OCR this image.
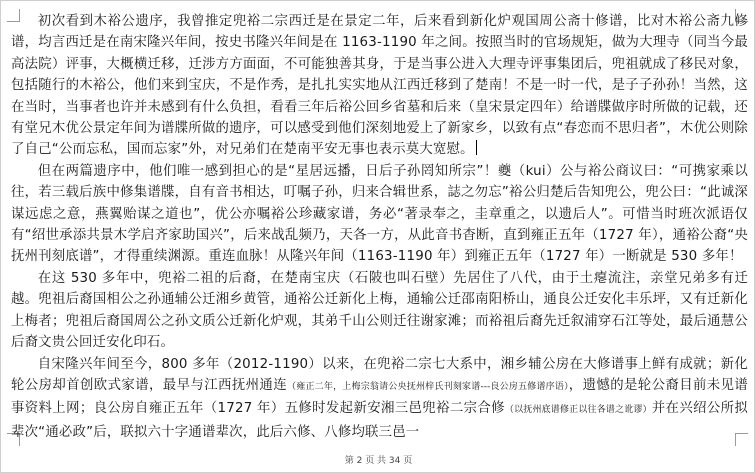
初次看到木裕公遗序，我曾推定兜裕二宗西迁是在景定二年，后来看到新化炉观国周公斋十修谱，比对木裕公斋九修谱，均言西迁是在南宋隆兴年间，按史书隆兴年间是在 1163-1190 年之间。按照当时的官场规矩，做为大理寺（同当今最高法院）评事，大概横迁移，迁涉方方面面，不可能独善其身，于是当事公进入大理寺评事集团后，兜祖就成了移民对象，包括随行的木裕公，他们来到宝庆，不是作秀，是扎扎实实地从江西迁移到了楚南！不是一时一代，是子子孙孙！当然，这在当时，当事者也许并未感到有什么负担，看看三年后裕公回乡省墓和后来（皇宋景定四年）给谱牒做序时所做的记载，还有堂兄木优公景定年间为谱牒所做的遗序，可以感受到他们深刻地爱上了新家乡，以致有点“春恋而不思归者”，木优公则除了自己“公而忘私，国而忘家”外，对兄弟们在楚南平安无事也表示莫大宽慰。

但在两篇遗序中，他们唯一感到担心的是“星居远播，日后子孙罔知所宗”！夔（kui）公与裕公商议曰：“可携家乘以往，若三载后族中修集谱牒，自有音书相达，叮嘱子孙，归来合辑世系，誌之勿忘”裕公归楚后告知兜公，兜公曰：“此诚深谋远虑之意，燕翼贻谋之道也”，优公亦嘱裕公珍藏家谱，务必“著录奉之，圭章重之，以遗后人”。可惜当时班次派语仅有“绍世承添共景木学启齐家助国兴”，后来战乱频乃，天各一方，从此音书杳断，直到雍正五年（1727 年），通裕公裔“央抚州刊刻底谱”，才得重续渊源。重连血脉！从隆兴年间（1163-1190 年）到雍正五年（1727 年）一断就是 530 多年！

在这 530 多年中，兜裕二祖的后裔，在楚南宝庆（石陂也叫石壁）先居住了八代，由于土瘪流注，亲堂兄弟多有迁越。兜祖后裔国相公之孙通辅公迁湘乡黄管，通裕公迁新化上梅，通输公迁邵南阳桥山，通良公迁安化丰乐坪，又有迁新化上梅者；兜祖后裔国周公之孙文质公迁新化炉观，其弟千山公则迁往谢家滩；而裕祖后裔先迁叙浦穿石江等处，最后通慧公后裔文贵公回迁安化印石。

自宋隆兴年间至今，800 多年（2012-1190）以来，在兜裕二宗七大系中，湘乡辅公房在大修谱事上鲜有成就；新化轮公房却首创欧式家谱，最早与江西抚州通连（雍正二年，上梅宗翁请公央抚州梓氏刊刻家谱---良公房五修谱序语），遗憾的是轮公裔目前未见谱事资料上网；良公房自雍正五年（1727 年）五修时发起新安湘三邑兜裕二宗合修（以抚州底谱修正以往各谱之讹谬）并在兴绍公所拟辈次“通必政”后，联拟六十字通谱辈次，此后六修、八修均联三邑一

第 2 页 共 34 页
